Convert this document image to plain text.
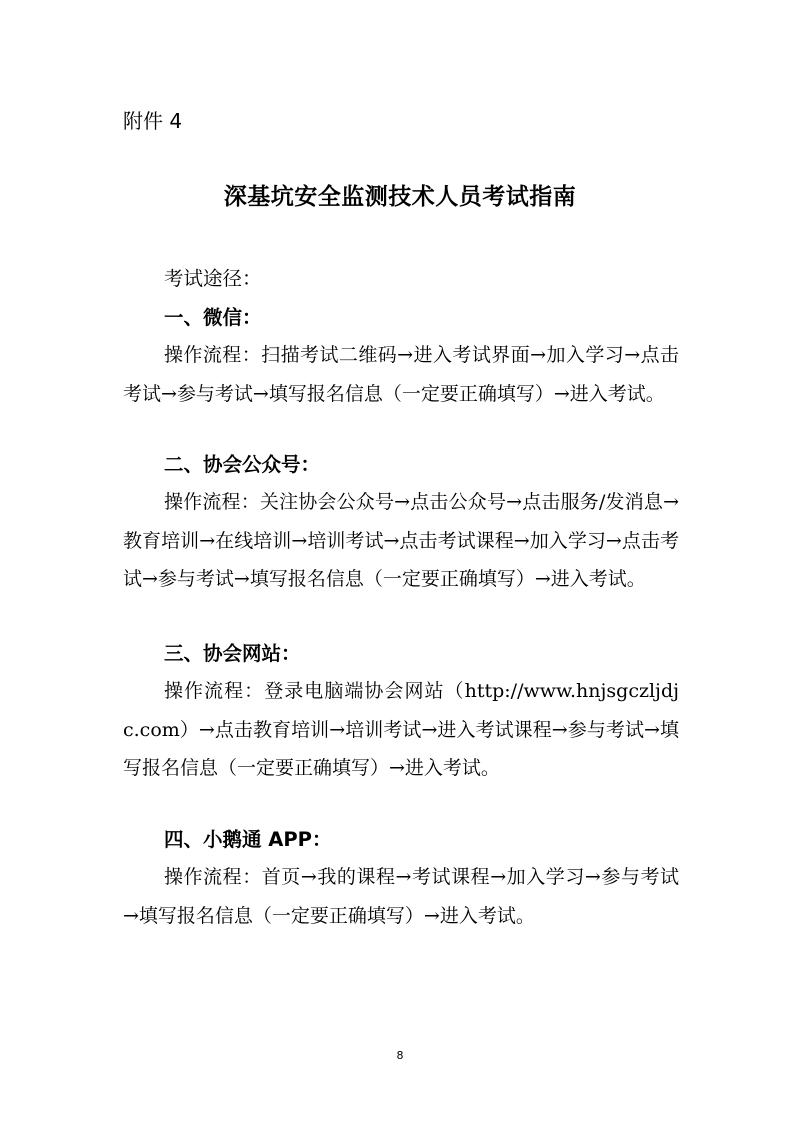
附件 4
深基坑安全监测技术人员考试指南
考试途径：
一、微信：
操作流程：扫描考试二维码→进入考试界面→加入学习→点击考试→参与考试→填写报名信息（一定要正确填写）→进入考试。
二、协会公众号：
操作流程：关注协会公众号→点击公众号→点击服务/发消息→教育培训→在线培训→培训考试→点击考试课程→加入学习→点击考试→参与考试→填写报名信息（一定要正确填写）→进入考试。
三、协会网站：
操作流程：登录电脑端协会网站（http://www.hnjsgczljdjc.com）→点击教育培训→培训考试→进入考试课程→参与考试→填写报名信息（一定要正确填写）→进入考试。
四、小鹅通 APP：
操作流程：首页→我的课程→考试课程→加入学习→参与考试→填写报名信息（一定要正确填写）→进入考试。
8
